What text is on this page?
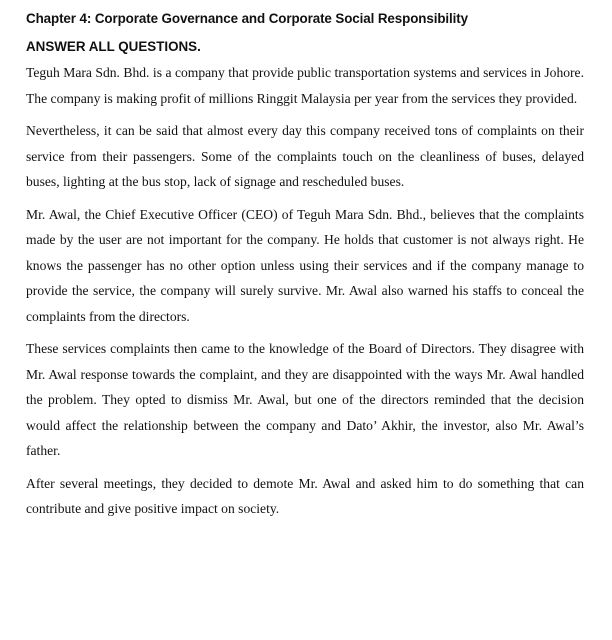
Chapter 4: Corporate Governance and Corporate Social Responsibility
ANSWER ALL QUESTIONS.

Teguh Mara Sdn. Bhd. is a company that provide public transportation systems and services in Johore. The company is making profit of millions Ringgit Malaysia per year from the services they provided.

Nevertheless, it can be said that almost every day this company received tons of complaints on their service from their passengers. Some of the complaints touch on the cleanliness of buses, delayed buses, lighting at the bus stop, lack of signage and rescheduled buses.

Mr. Awal, the Chief Executive Officer (CEO) of Teguh Mara Sdn. Bhd., believes that the complaints made by the user are not important for the company. He holds that customer is not always right. He knows the passenger has no other option unless using their services and if the company manage to provide the service, the company will surely survive. Mr. Awal also warned his staffs to conceal the complaints from the directors.

These services complaints then came to the knowledge of the Board of Directors. They disagree with Mr. Awal response towards the complaint, and they are disappointed with the ways Mr. Awal handled the problem. They opted to dismiss Mr. Awal, but one of the directors reminded that the decision would affect the relationship between the company and Dato’ Akhir, the investor, also Mr. Awal’s father.

After several meetings, they decided to demote Mr. Awal and asked him to do something that can contribute and give positive impact on society.
